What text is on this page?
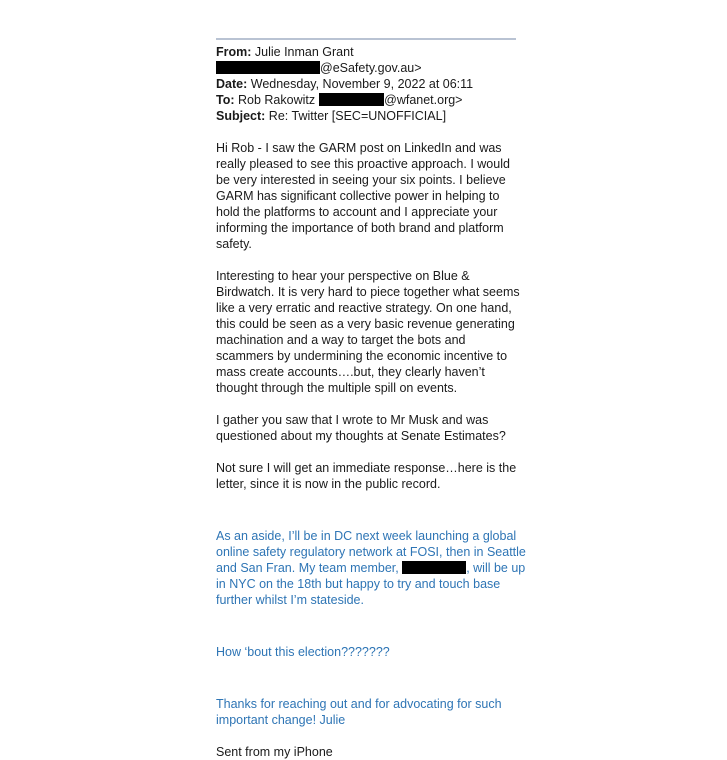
From: Julie Inman Grant
@eSafety.gov.au>
Date: Wednesday, November 9, 2022 at 06:11
To: Rob Rakowitz	@wfanet.org>
Subject: Re: Twitter [SEC=UNOFFICIAL]

Hi Rob - I saw the GARM post on LinkedIn and was really pleased to see this proactive approach. I would be very interested in seeing your six points. I believe GARM has significant collective power in helping to hold the platforms to account and I appreciate your informing the importance of both brand and platform safety.

Interesting to hear your perspective on Blue & Birdwatch. It is very hard to piece together what seems like a very erratic and reactive strategy. On one hand, this could be seen as a very basic revenue generating machination and a way to target the bots and scammers by undermining the economic incentive to mass create accounts….but, they clearly haven’t thought through the multiple spill on events.

I gather you saw that I wrote to Mr Musk and was questioned about my thoughts at Senate Estimates?

Not sure I will get an immediate response…here is the letter, since it is now in the public record.

As an aside, I’ll be in DC next week launching a global online safety regulatory network at FOSI, then in Seattle and San Fran. My team member,	, will be up in NYC on the 18th but happy to try and touch base further whilst I’m stateside.

How ‘bout this election???????

Thanks for reaching out and for advocating for such important change! Julie

Sent from my iPhone
